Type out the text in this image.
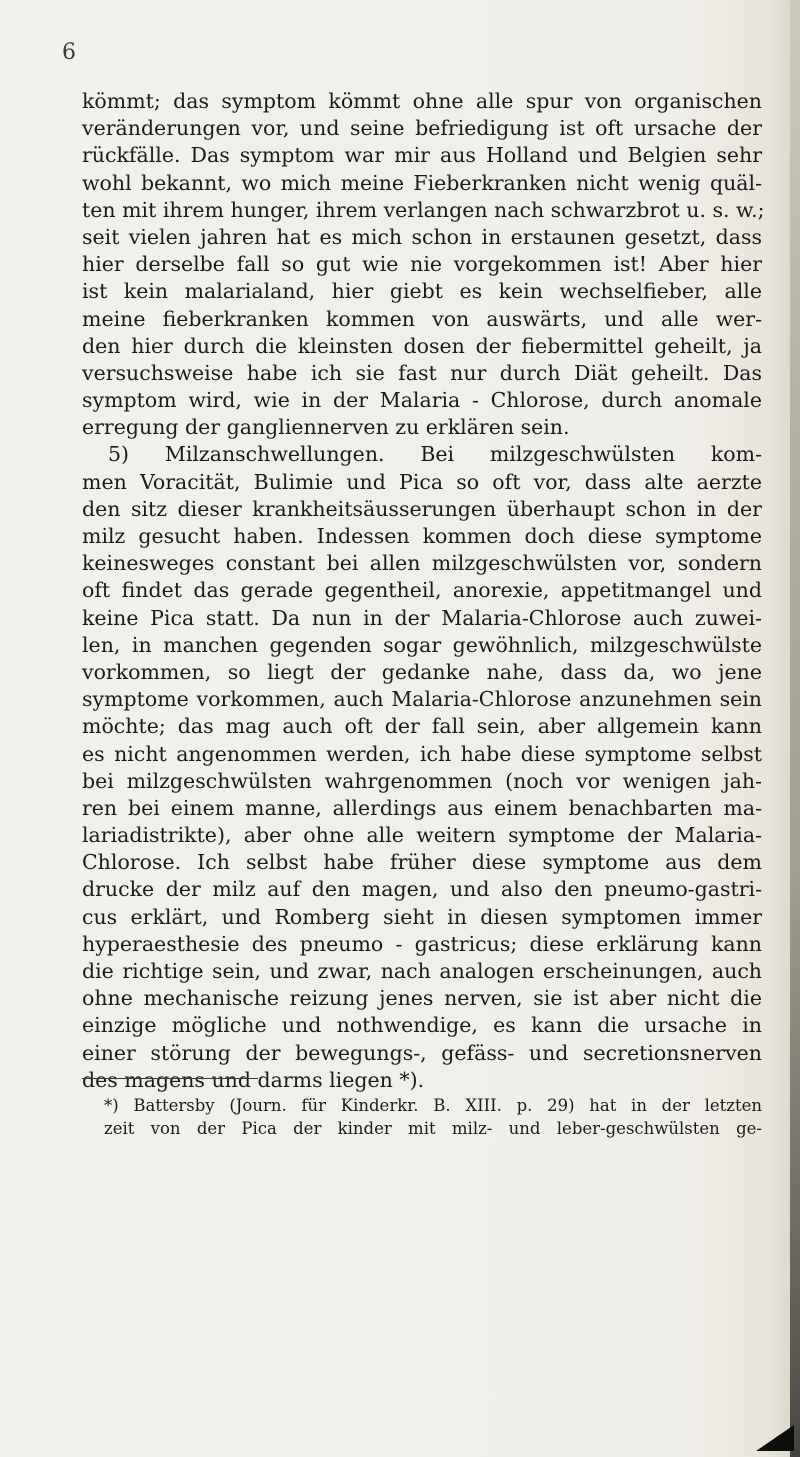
6
kömmt; das symptom kömmt ohne alle spur von organischen
veränderungen vor, und seine befriedigung ist oft ursache der
rückfälle. Das symptom war mir aus Holland und Belgien sehr
wohl bekannt, wo mich meine Fieberkranken nicht wenig quäl-
ten mit ihrem hunger, ihrem verlangen nach schwarzbrot u. s. w.;
seit vielen jahren hat es mich schon in erstaunen gesetzt, dass
hier derselbe fall so gut wie nie vorgekommen ist! Aber hier
ist kein malarialand, hier giebt es kein wechselfieber, alle
meine fieberkranken kommen von auswärts, und alle wer-
den hier durch die kleinsten dosen der fiebermittel geheilt, ja
versuchsweise habe ich sie fast nur durch Diät geheilt. Das
symptom wird, wie in der Malaria - Chlorose, durch anomale
erregung der gangliennerven zu erklären sein.
5) Milzanschwellungen. Bei milzgeschwülsten kom-
men Voracität, Bulimie und Pica so oft vor, dass alte aerzte
den sitz dieser krankheitsäusserungen überhaupt schon in der
milz gesucht haben. Indessen kommen doch diese symptome
keinesweges constant bei allen milzgeschwülsten vor, sondern
oft findet das gerade gegentheil, anorexie, appetitmangel und
keine Pica statt. Da nun in der Malaria-Chlorose auch zuwei-
len, in manchen gegenden sogar gewöhnlich, milzgeschwülste
vorkommen, so liegt der gedanke nahe, dass da, wo jene
symptome vorkommen, auch Malaria-Chlorose anzunehmen sein
möchte; das mag auch oft der fall sein, aber allgemein kann
es nicht angenommen werden, ich habe diese symptome selbst
bei milzgeschwülsten wahrgenommen (noch vor wenigen jah-
ren bei einem manne, allerdings aus einem benachbarten ma-
lariadistrikte), aber ohne alle weitern symptome der Malaria-
Chlorose. Ich selbst habe früher diese symptome aus dem
drucke der milz auf den magen, und also den pneumo-gastri-
cus erklärt, und Romberg sieht in diesen symptomen immer
hyperaesthesie des pneumo - gastricus; diese erklärung kann
die richtige sein, und zwar, nach analogen erscheinungen, auch
ohne mechanische reizung jenes nerven, sie ist aber nicht die
einzige mögliche und nothwendige, es kann die ursache in
einer störung der bewegungs-, gefäss- und secretionsnerven
des magens und darms liegen *).
*) Battersby (Journ. für Kinderkr. B. XIII. p. 29) hat in der letzten
zeit von der Pica der kinder mit milz- und leber-geschwülsten ge-
